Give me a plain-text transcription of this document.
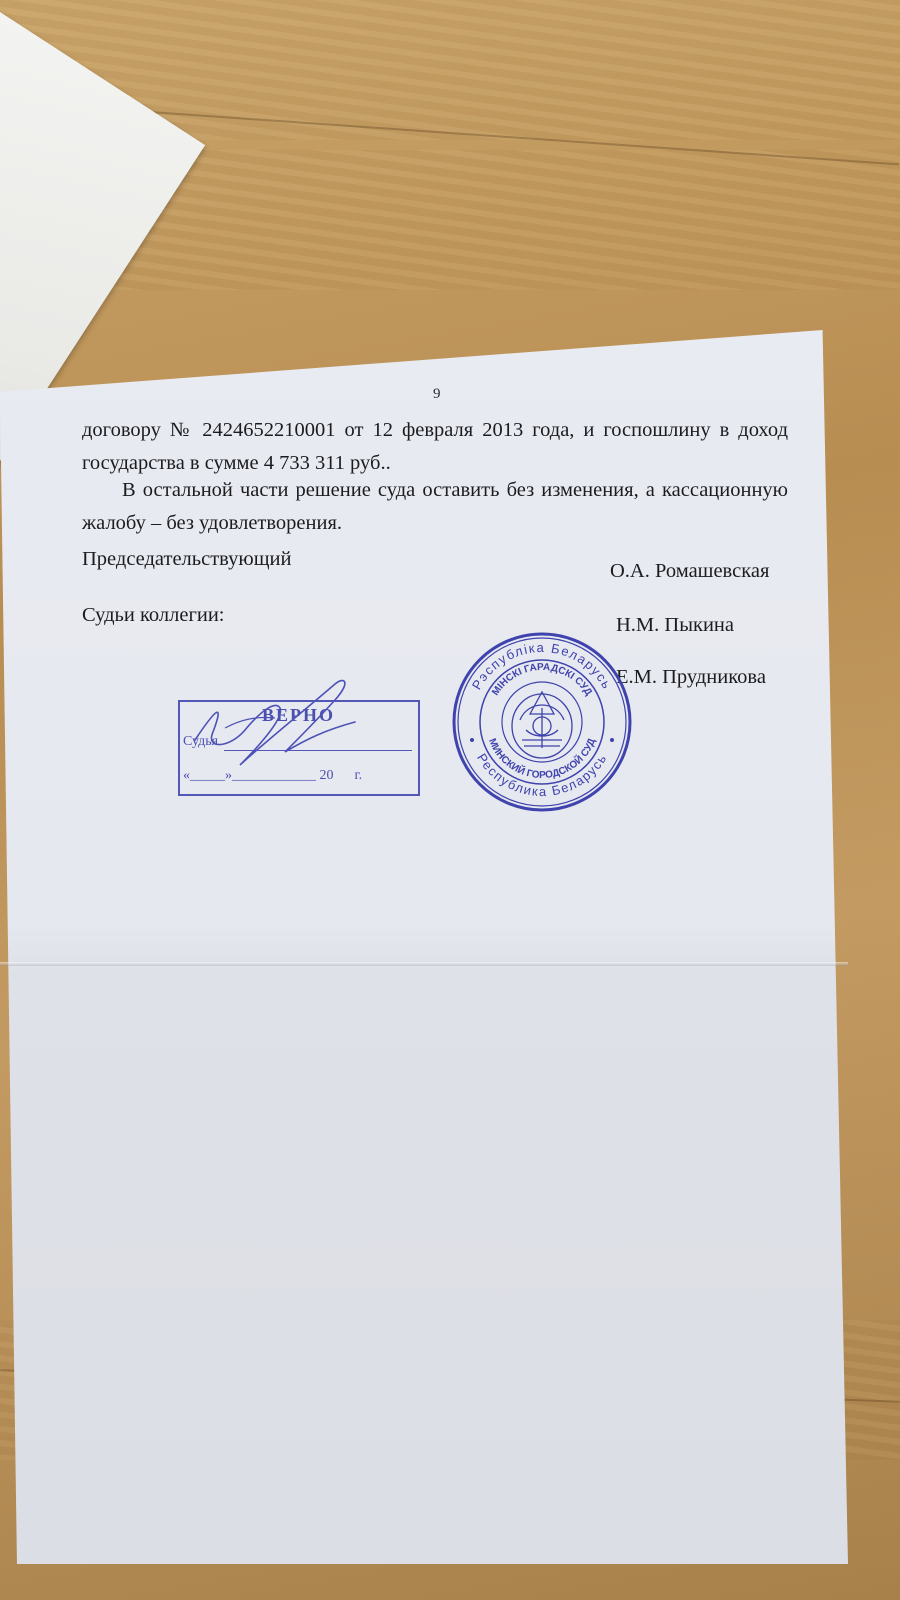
9
договору № 2424652210001 от 12 февраля 2013 года, и госпошлину в доход государства в сумме 4 733 311 руб..
В остальной части решение суда оставить без изменения, а кассационную жалобу – без удовлетворения.
Председательствующий
О.А. Ромашевская
Судьи коллегии:	Н.М. Пыкина
Е.М. Прудникова
ВЕРНО
Судья
«_____»____________ 20      г.
Рэспубліка Беларусь
Республика Беларусь
МІНСКІ ГАРАДСКІ СУД
МИНСКИЙ ГОРОДСКОЙ СУД
